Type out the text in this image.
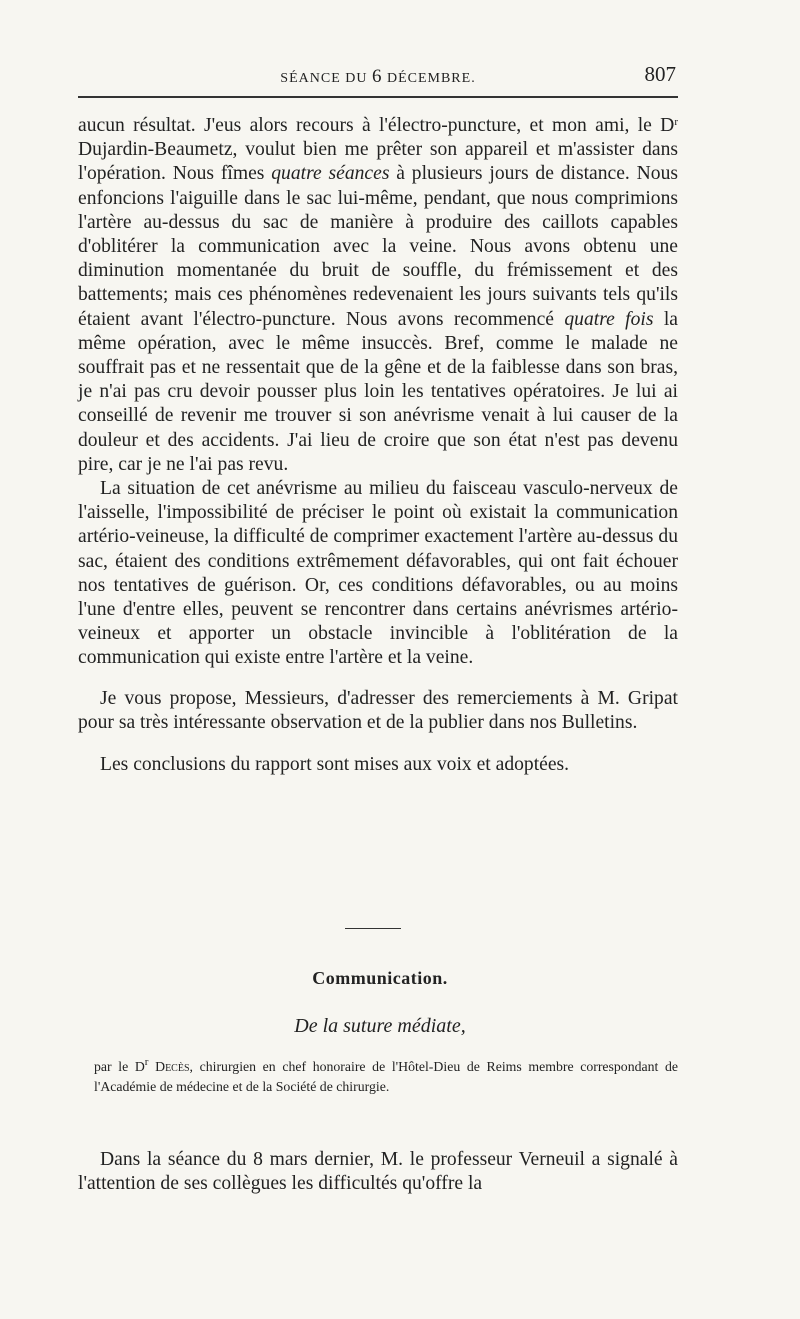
SÉANCE DU 6 DÉCEMBRE.	807

aucun résultat. J'eus alors recours à l'électro-puncture, et mon ami, le $D^r$ Dujardin-Beaumetz, voulut bien me prêter son appareil et m'assister dans l'opération. Nous fîmes quatre séances à plusieurs jours de distance. Nous enfoncions l'aiguille dans le sac lui-même, pendant, que nous comprimions l'artère au-dessus du sac de manière à produire des caillots capables d'oblitérer la communication avec la veine. Nous avons obtenu une diminution momentanée du bruit de souffle, du frémissement et des battements; mais ces phénomènes redevenaient les jours suivants tels qu'ils étaient avant l'électro-puncture. Nous avons recommencé quatre fois la même opération, avec le même insuccès. Bref, comme le malade ne souffrait pas et ne ressentait que de la gêne et de la faiblesse dans son bras, je n'ai pas cru devoir pousser plus loin les tentatives opératoires. Je lui ai conseillé de revenir me trouver si son anévrisme venait à lui causer de la douleur et des accidents. J'ai lieu de croire que son état n'est pas devenu pire, car je ne l'ai pas revu.

La situation de cet anévrisme au milieu du faisceau vasculo-nerveux de l'aisselle, l'impossibilité de préciser le point où existait la communication artério-veineuse, la difficulté de comprimer exactement l'artère au-dessus du sac, étaient des conditions extrêmement défavorables, qui ont fait échouer nos tentatives de guérison. Or, ces conditions défavorables, ou au moins l'une d'entre elles, peuvent se rencontrer dans certains anévrismes artério-veineux et apporter un obstacle invincible à l'oblitération de la communication qui existe entre l'artère et la veine.

Je vous propose, Messieurs, d'adresser des remerciements à M. Gripat pour sa très intéressante observation et de la publier dans nos Bulletins.

Les conclusions du rapport sont mises aux voix et adoptées.

Communication.
De la suture médiate,

par le $D^r$ Decès, chirurgien en chef honoraire de l'Hôtel-Dieu de Reims membre correspondant de l'Académie de médecine et de la Société de chirurgie.

Dans la séance du 8 mars dernier, M. le professeur Verneuil a signalé à l'attention de ses collègues les difficultés qu'offre la
